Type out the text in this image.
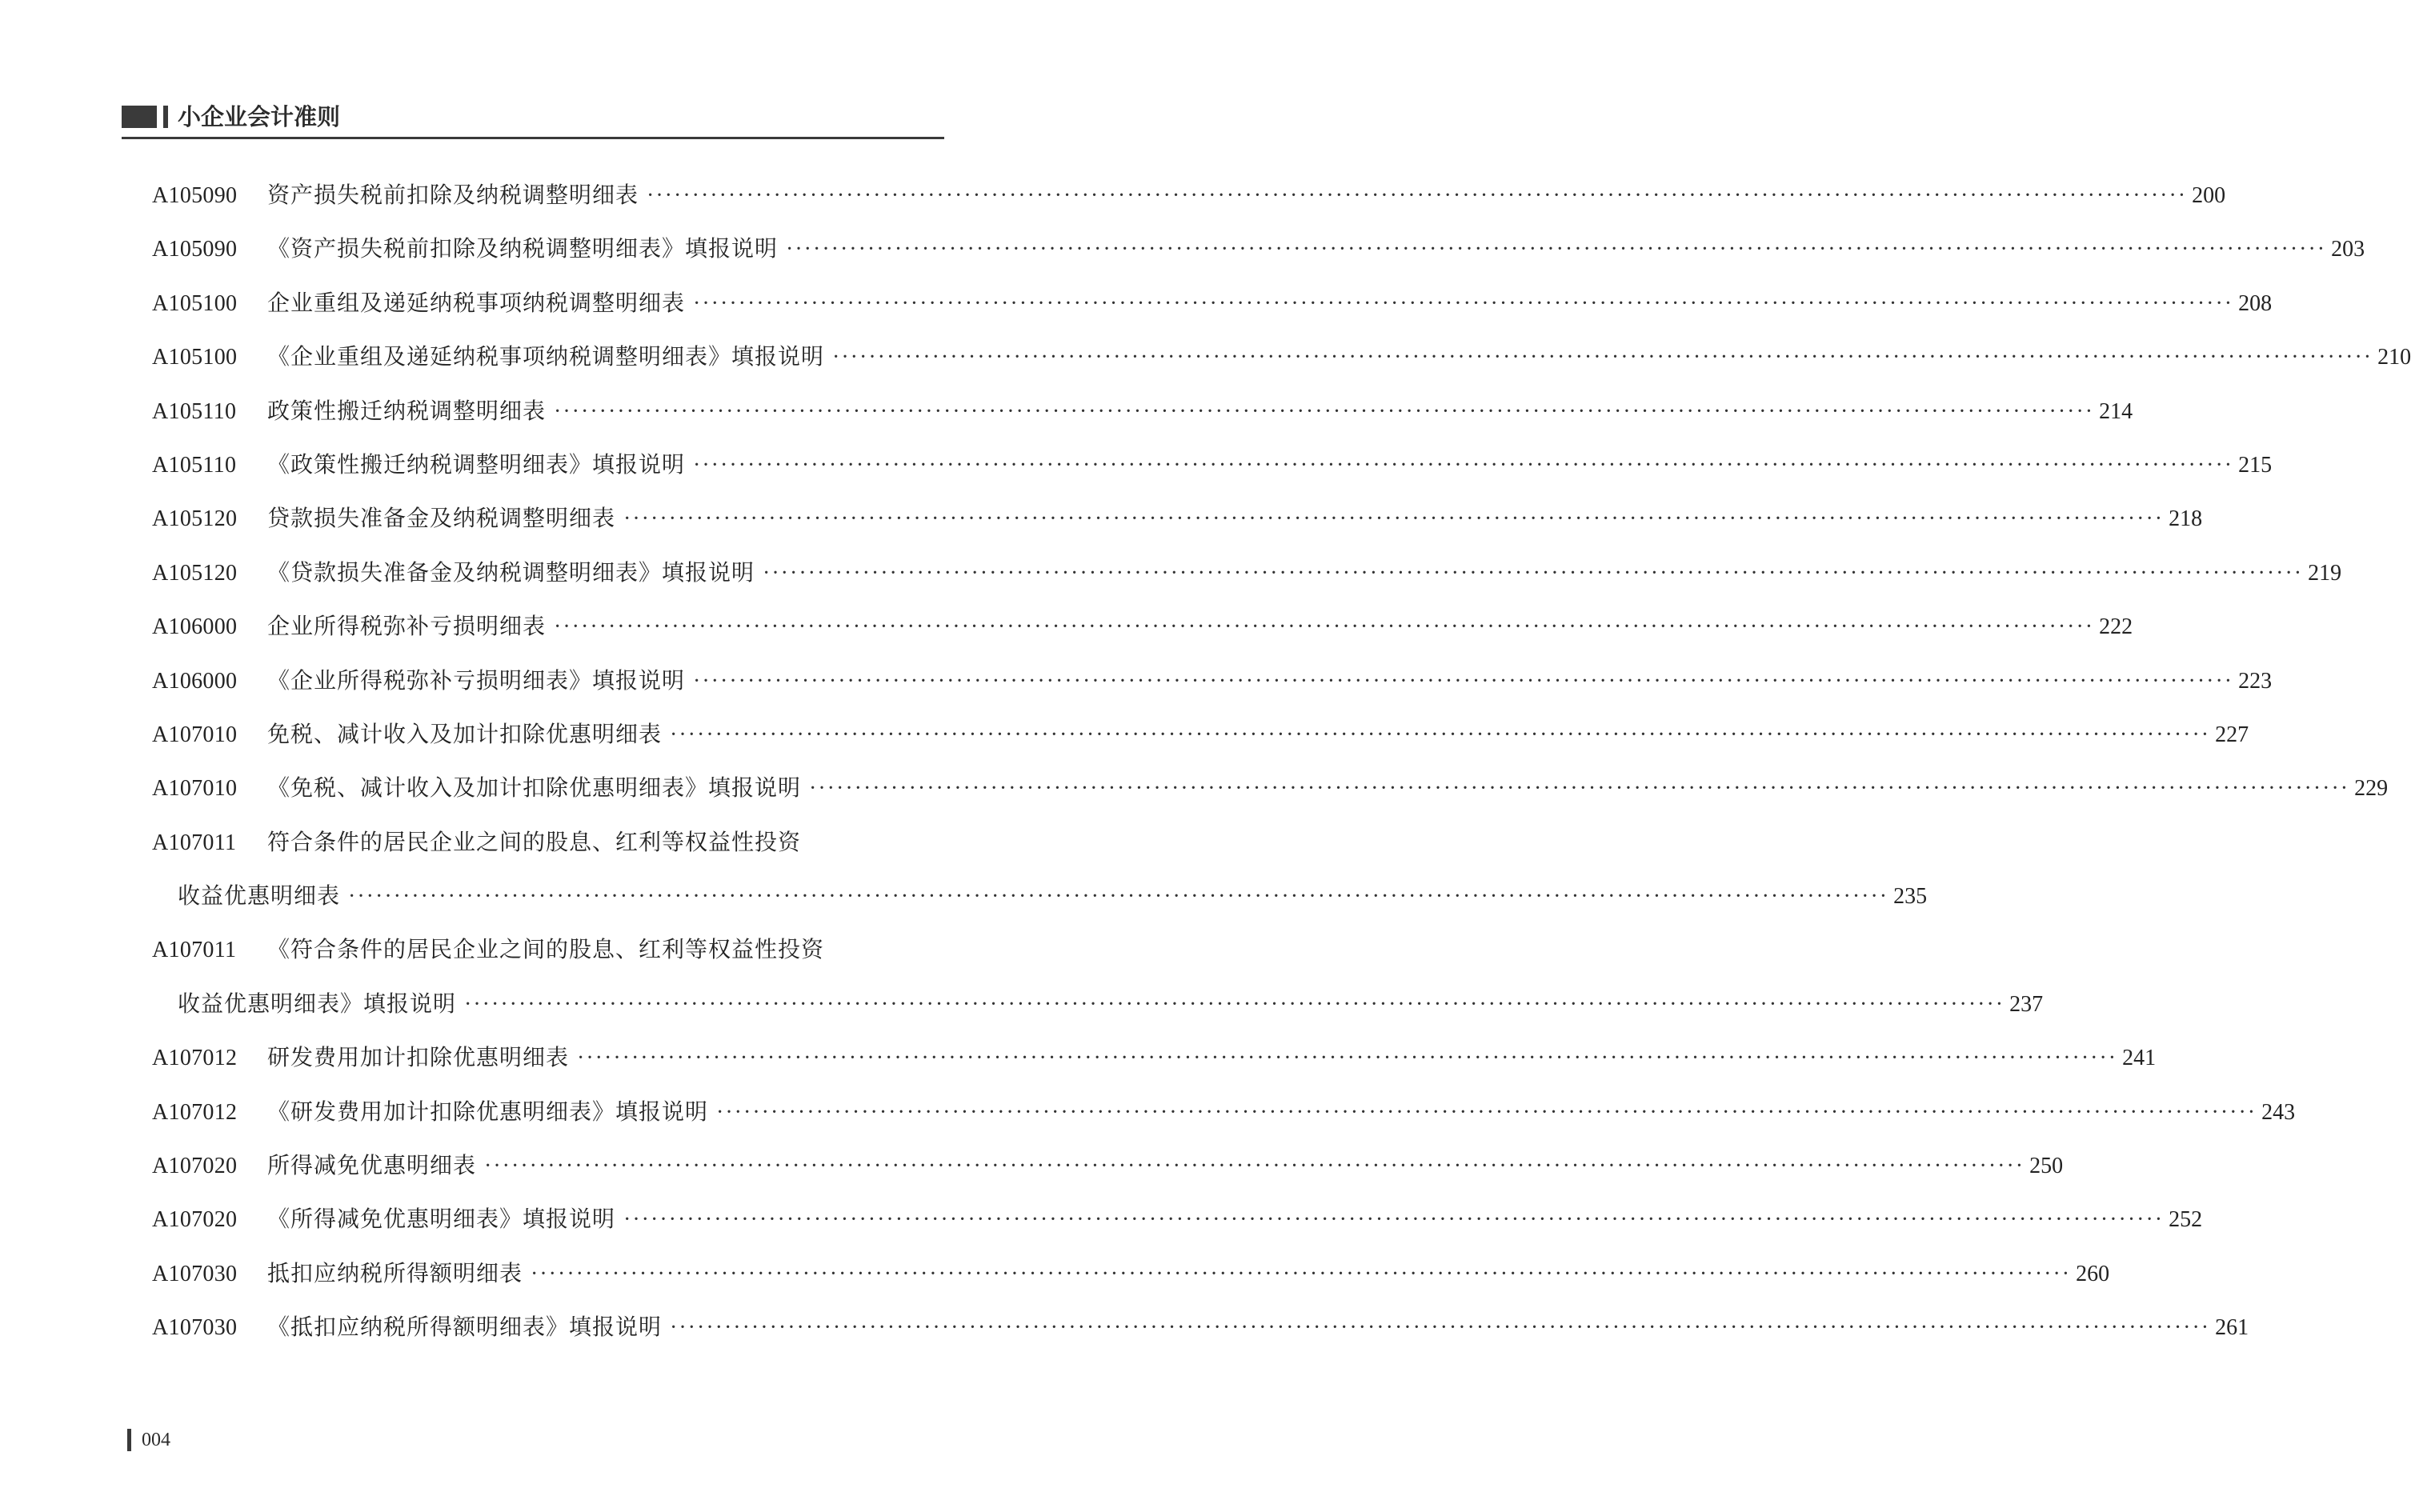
小企业会计准则
A105090	资产损失税前扣除及纳税调整明细表 ·····	200
A105090	《资产损失税前扣除及纳税调整明细表》填报说明 ·····	203
A105100	企业重组及递延纳税事项纳税调整明细表 ·····	208
A105100	《企业重组及递延纳税事项纳税调整明细表》填报说明 ·····	210
A105110	政策性搬迁纳税调整明细表 ·····	214
A105110	《政策性搬迁纳税调整明细表》填报说明 ·····	215
A105120	贷款损失准备金及纳税调整明细表 ·····	218
A105120	《贷款损失准备金及纳税调整明细表》填报说明 ·····	219
A106000	企业所得税弥补亏损明细表 ·····	222
A106000	《企业所得税弥补亏损明细表》填报说明 ·····	223
A107010	免税、减计收入及加计扣除优惠明细表 ·····	227
A107010	《免税、减计收入及加计扣除优惠明细表》填报说明 ·····	229
A107011	符合条件的居民企业之间的股息、红利等权益性投资
收益优惠明细表 ·····	235
A107011	《符合条件的居民企业之间的股息、红利等权益性投资
收益优惠明细表》填报说明 ·····	237
A107012	研发费用加计扣除优惠明细表 ·····	241
A107012	《研发费用加计扣除优惠明细表》填报说明 ·····	243
A107020	所得减免优惠明细表 ·····	250
A107020	《所得减免优惠明细表》填报说明 ·····	252
A107030	抵扣应纳税所得额明细表 ·····	260
A107030	《抵扣应纳税所得额明细表》填报说明 ·····	261
004
